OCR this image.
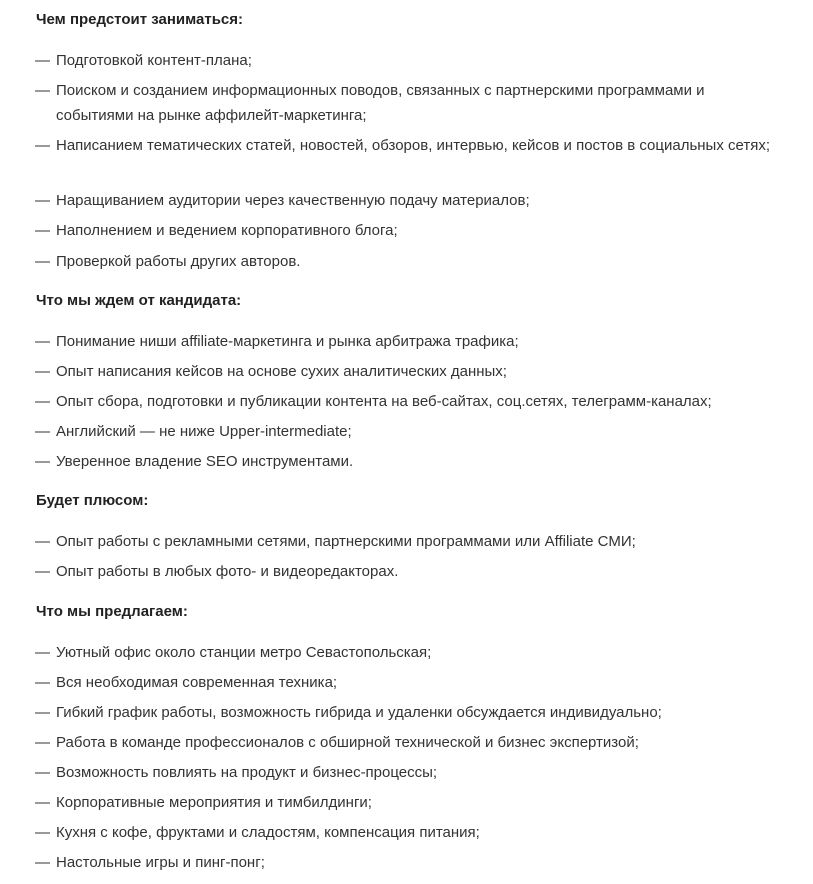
Чем предстоит заниматься:
— Подготовкой контент-плана;
— Поиском и созданием информационных поводов, связанных с партнерскими программами и событиями на рынке аффилейт-маркетинга;
— Написанием тематических статей, новостей, обзоров, интервью, кейсов и постов в социальных сетях;
— Наращиванием аудитории через качественную подачу материалов;
— Наполнением и ведением корпоративного блога;
— Проверкой работы других авторов.
Что мы ждем от кандидата:
— Понимание ниши affiliate-маркетинга и рынка арбитража трафика;
— Опыт написания кейсов на основе сухих аналитических данных;
— Опыт сбора, подготовки и публикации контента на веб-сайтах, соц.сетях, телеграмм-каналах;
— Английский — не ниже Upper-intermediate;
— Уверенное владение SEO инструментами.
Будет плюсом:
— Опыт работы с рекламными сетями, партнерскими программами или Affiliate СМИ;
— Опыт работы в любых фото- и видеоредакторах.
Что мы предлагаем:
— Уютный офис около станции метро Севастопольская;
— Вся необходимая современная техника;
— Гибкий график работы, возможность гибрида и удаленки обсуждается индивидуально;
— Работа в команде профессионалов с обширной технической и бизнес экспертизой;
— Возможность повлиять на продукт и бизнес-процессы;
— Корпоративные мероприятия и тимбилдинги;
— Кухня с кофе, фруктами и сладостям, компенсация питания;
— Настольные игры и пинг-понг;
